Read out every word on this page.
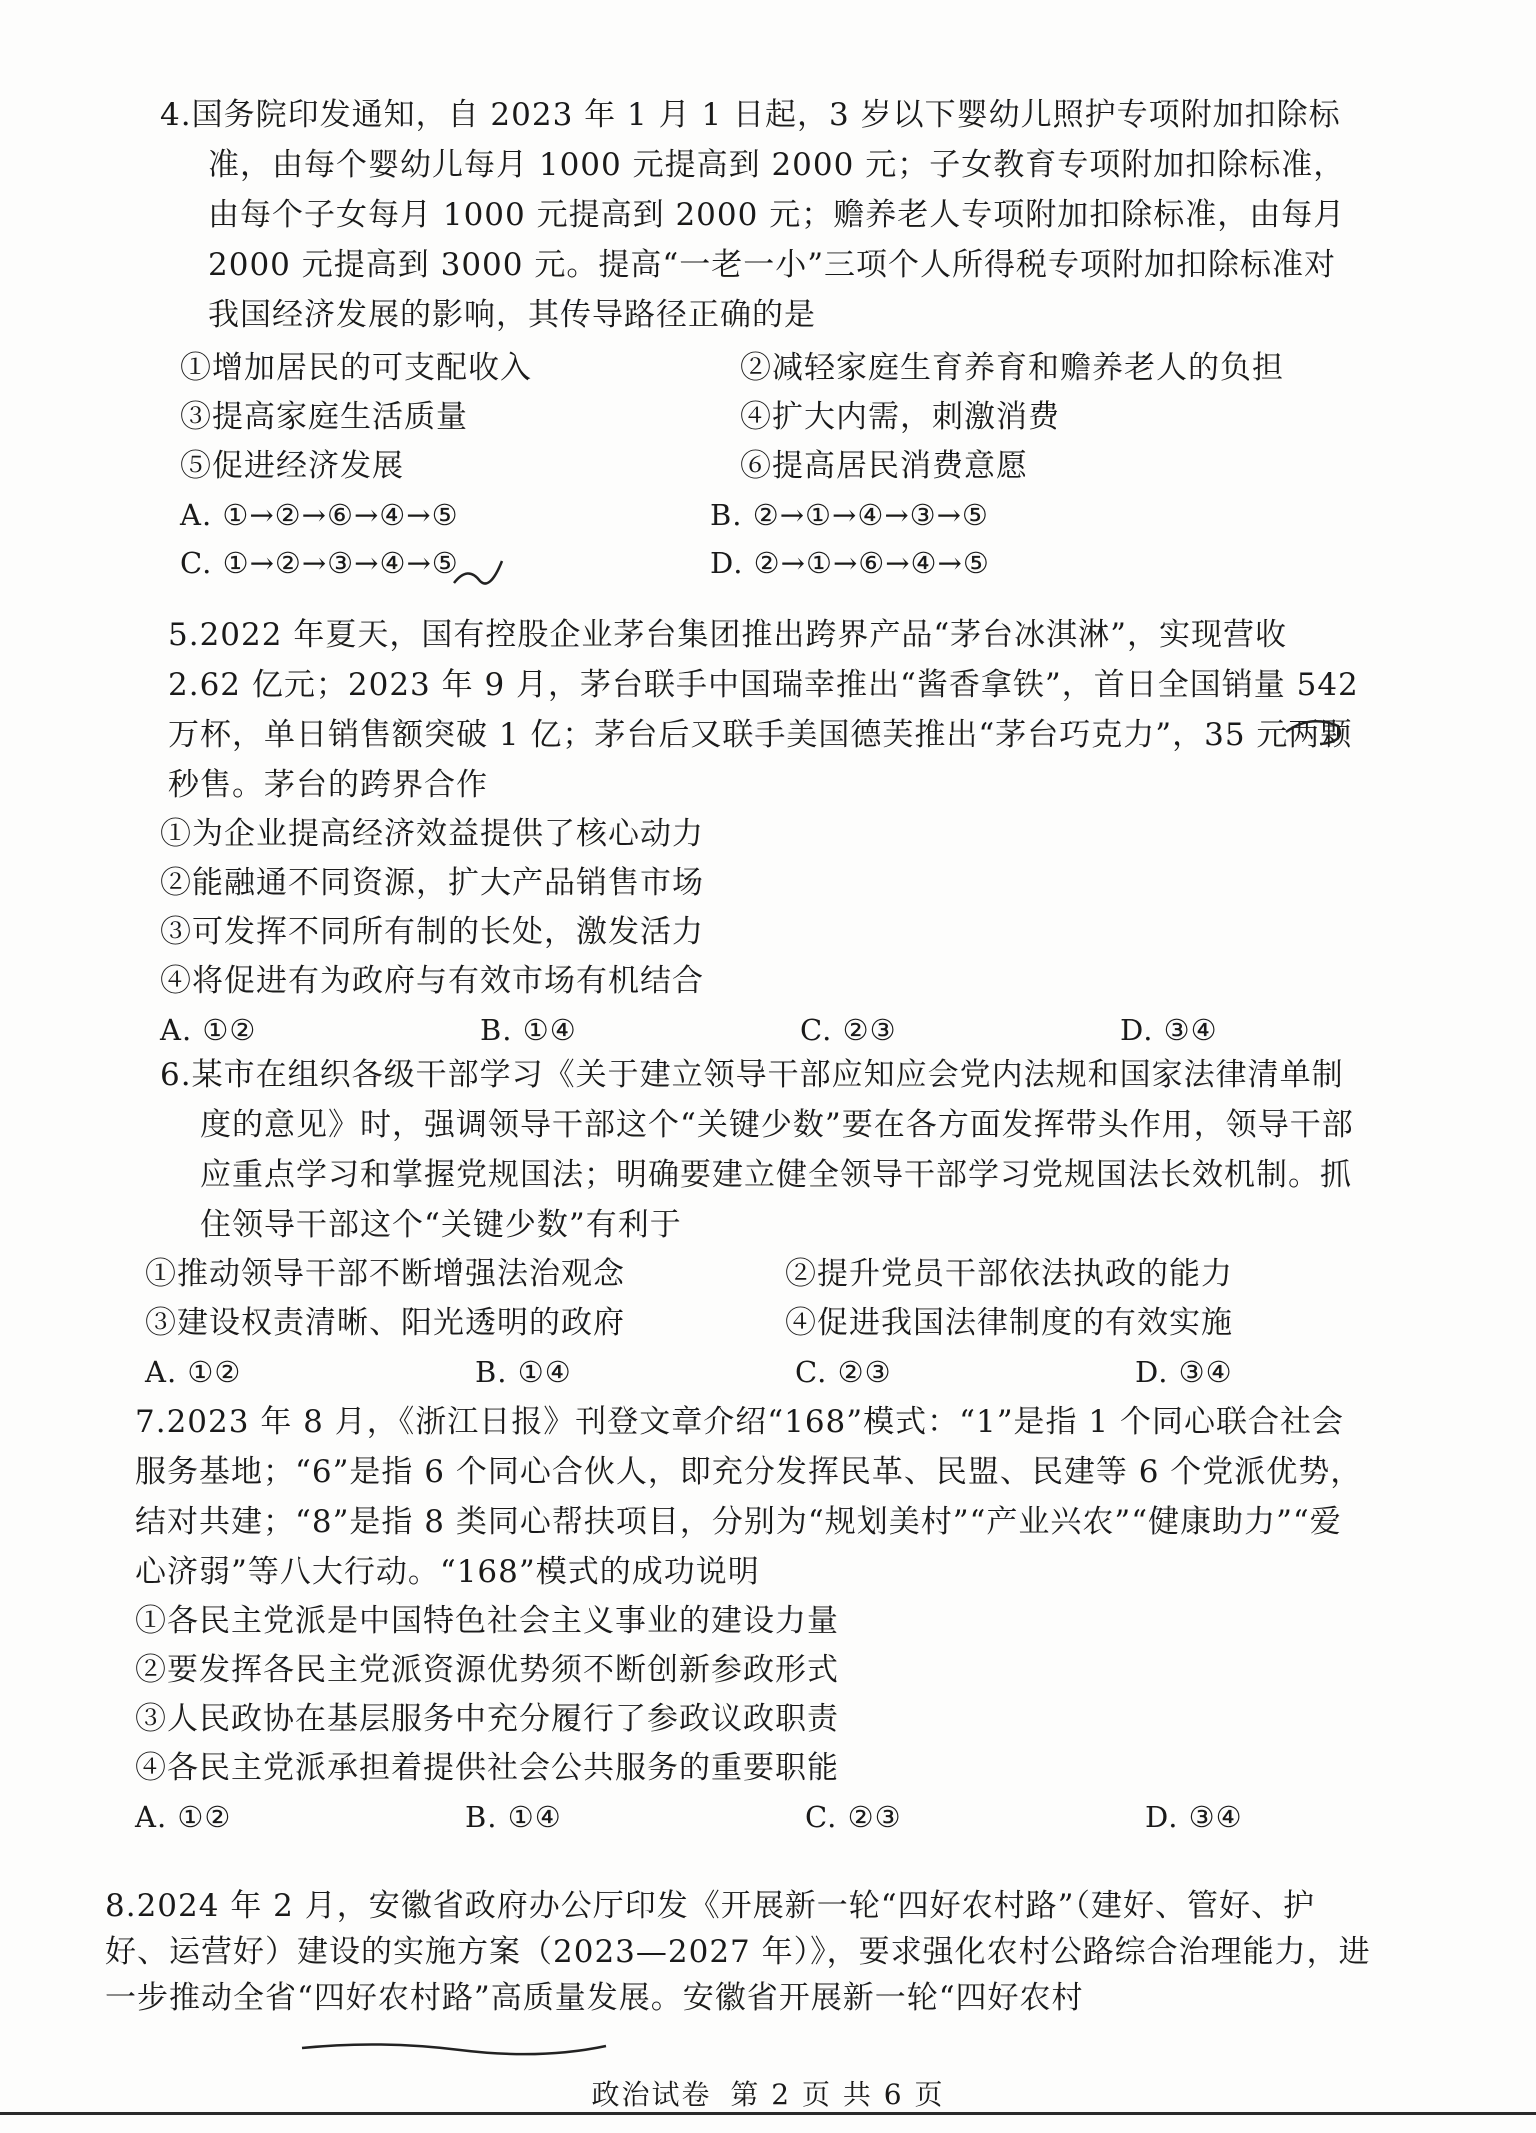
4.国务院印发通知，自 2023 年 1 月 1 日起，3 岁以下婴幼儿照护专项附加扣除标准，由每个婴幼儿每月 1000 元提高到 2000 元；子女教育专项附加扣除标准，由每个子女每月 1000 元提高到 2000 元；赡养老人专项附加扣除标准，由每月 2000 元提高到 3000 元。提高“一老一小”三项个人所得税专项附加扣除标准对我国经济发展的影响，其传导路径正确的是

①增加居民的可支配收入	②减轻家庭生育养育和赡养老人的负担
③提高家庭生活质量	④扩大内需，刺激消费
⑤促进经济发展	⑥提高居民消费意愿
A. ①→②→⑥→④→⑤	B. ②→①→④→③→⑤
C. ①→②→③→④→⑤	D. ②→①→⑥→④→⑤

5.2022 年夏天，国有控股企业茅台集团推出跨界产品“茅台冰淇淋”，实现营收 2.62 亿元；2023 年 9 月，茅台联手中国瑞幸推出“酱香拿铁”，首日全国销量 542 万杯，单日销售额突破 1 亿；茅台后又联手美国德芙推出“茅台巧克力”，35 元两颗秒售。茅台的跨界合作

①为企业提高经济效益提供了核心动力
②能融通不同资源，扩大产品销售市场
③可发挥不同所有制的长处，激发活力
④将促进有为政府与有效市场有机结合
A. ①②	B. ①④	C. ②③	D. ③④

6.某市在组织各级干部学习《关于建立领导干部应知应会党内法规和国家法律清单制度的意见》时，强调领导干部这个“关键少数”要在各方面发挥带头作用，领导干部应重点学习和掌握党规国法；明确要建立健全领导干部学习党规国法长效机制。抓住领导干部这个“关键少数”有利于

①推动领导干部不断增强法治观念	②提升党员干部依法执政的能力
③建设权责清晰、阳光透明的政府	④促进我国法律制度的有效实施
A. ①②	B. ①④	C. ②③	D. ③④

7.2023 年 8 月，《浙江日报》刊登文章介绍“168”模式：“1”是指 1 个同心联合社会服务基地；“6”是指 6 个同心合伙人，即充分发挥民革、民盟、民建等 6 个党派优势，结对共建；“8”是指 8 类同心帮扶项目，分别为“规划美村”“产业兴农”“健康助力”“爱心济弱”等八大行动。“168”模式的成功说明

①各民主党派是中国特色社会主义事业的建设力量
②要发挥各民主党派资源优势须不断创新参政形式
③人民政协在基层服务中充分履行了参政议政职责
④各民主党派承担着提供社会公共服务的重要职能
A. ①②	B. ①④	C. ②③	D. ③④

8.2024 年 2 月，安徽省政府办公厅印发《开展新一轮“四好农村路”（建好、管好、护好、运营好）建设的实施方案（2023—2027 年）》，要求强化农村公路综合治理能力，进一步推动全省“四好农村路”高质量发展。安徽省开展新一轮“四好农村

政治试卷 第 2 页 共 6 页
